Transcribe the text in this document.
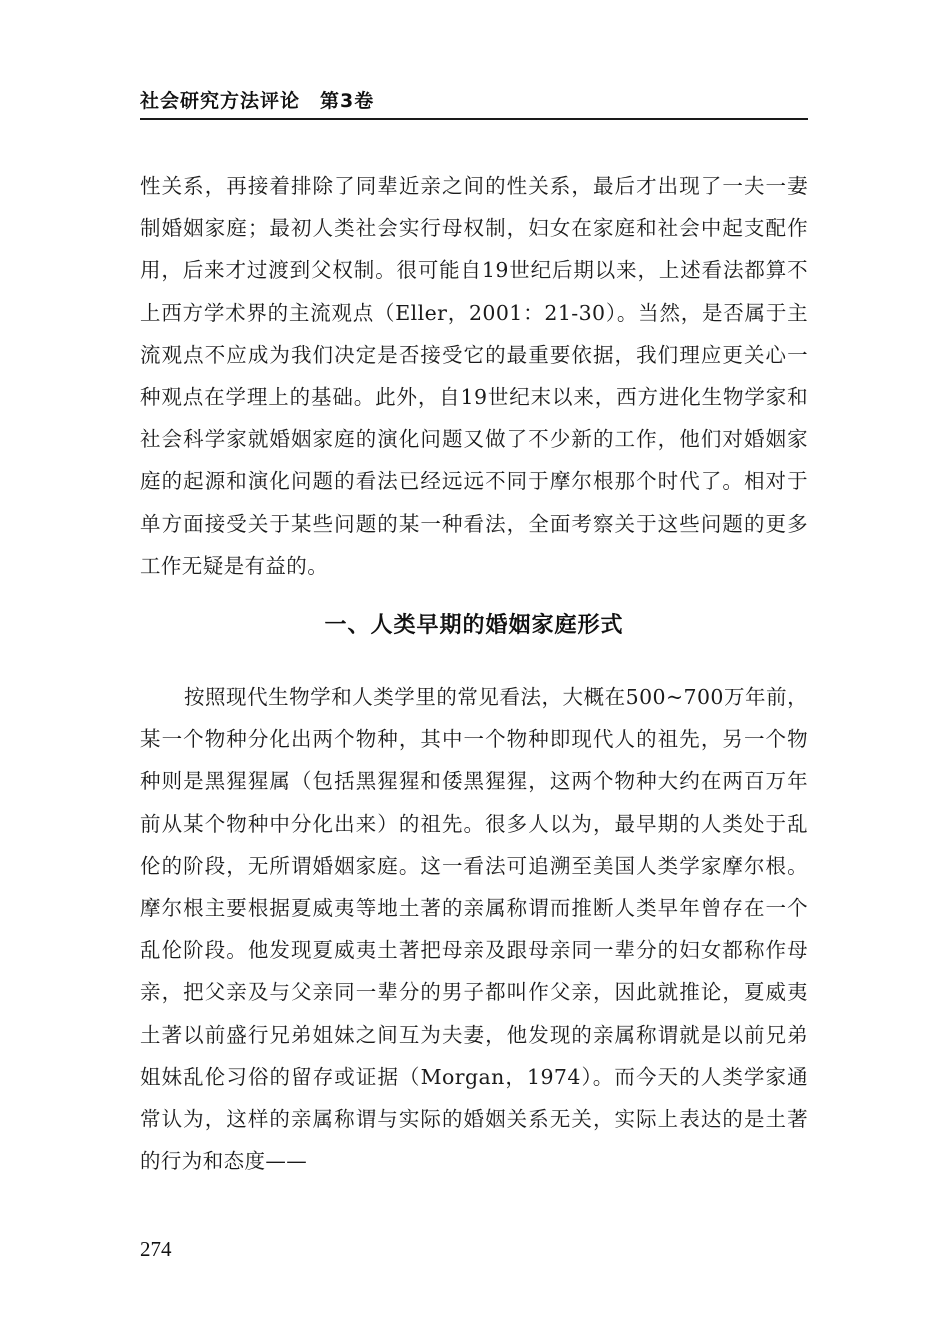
社会研究方法评论　第3卷

性关系，再接着排除了同辈近亲之间的性关系，最后才出现了一夫一妻制婚姻家庭；最初人类社会实行母权制，妇女在家庭和社会中起支配作用，后来才过渡到父权制。很可能自19世纪后期以来，上述看法都算不上西方学术界的主流观点（Eller，2001：21-30）。当然，是否属于主流观点不应成为我们决定是否接受它的最重要依据，我们理应更关心一种观点在学理上的基础。此外，自19世纪末以来，西方进化生物学家和社会科学家就婚姻家庭的演化问题又做了不少新的工作，他们对婚姻家庭的起源和演化问题的看法已经远远不同于摩尔根那个时代了。相对于单方面接受关于某些问题的某一种看法，全面考察关于这些问题的更多工作无疑是有益的。

一、人类早期的婚姻家庭形式

按照现代生物学和人类学里的常见看法，大概在500~700万年前，某一个物种分化出两个物种，其中一个物种即现代人的祖先，另一个物种则是黑猩猩属（包括黑猩猩和倭黑猩猩，这两个物种大约在两百万年前从某个物种中分化出来）的祖先。很多人以为，最早期的人类处于乱伦的阶段，无所谓婚姻家庭。这一看法可追溯至美国人类学家摩尔根。摩尔根主要根据夏威夷等地土著的亲属称谓而推断人类早年曾存在一个乱伦阶段。他发现夏威夷土著把母亲及跟母亲同一辈分的妇女都称作母亲，把父亲及与父亲同一辈分的男子都叫作父亲，因此就推论，夏威夷土著以前盛行兄弟姐妹之间互为夫妻，他发现的亲属称谓就是以前兄弟姐妹乱伦习俗的留存或证据（Morgan，1974）。而今天的人类学家通常认为，这样的亲属称谓与实际的婚姻关系无关，实际上表达的是土著的行为和态度——

274
